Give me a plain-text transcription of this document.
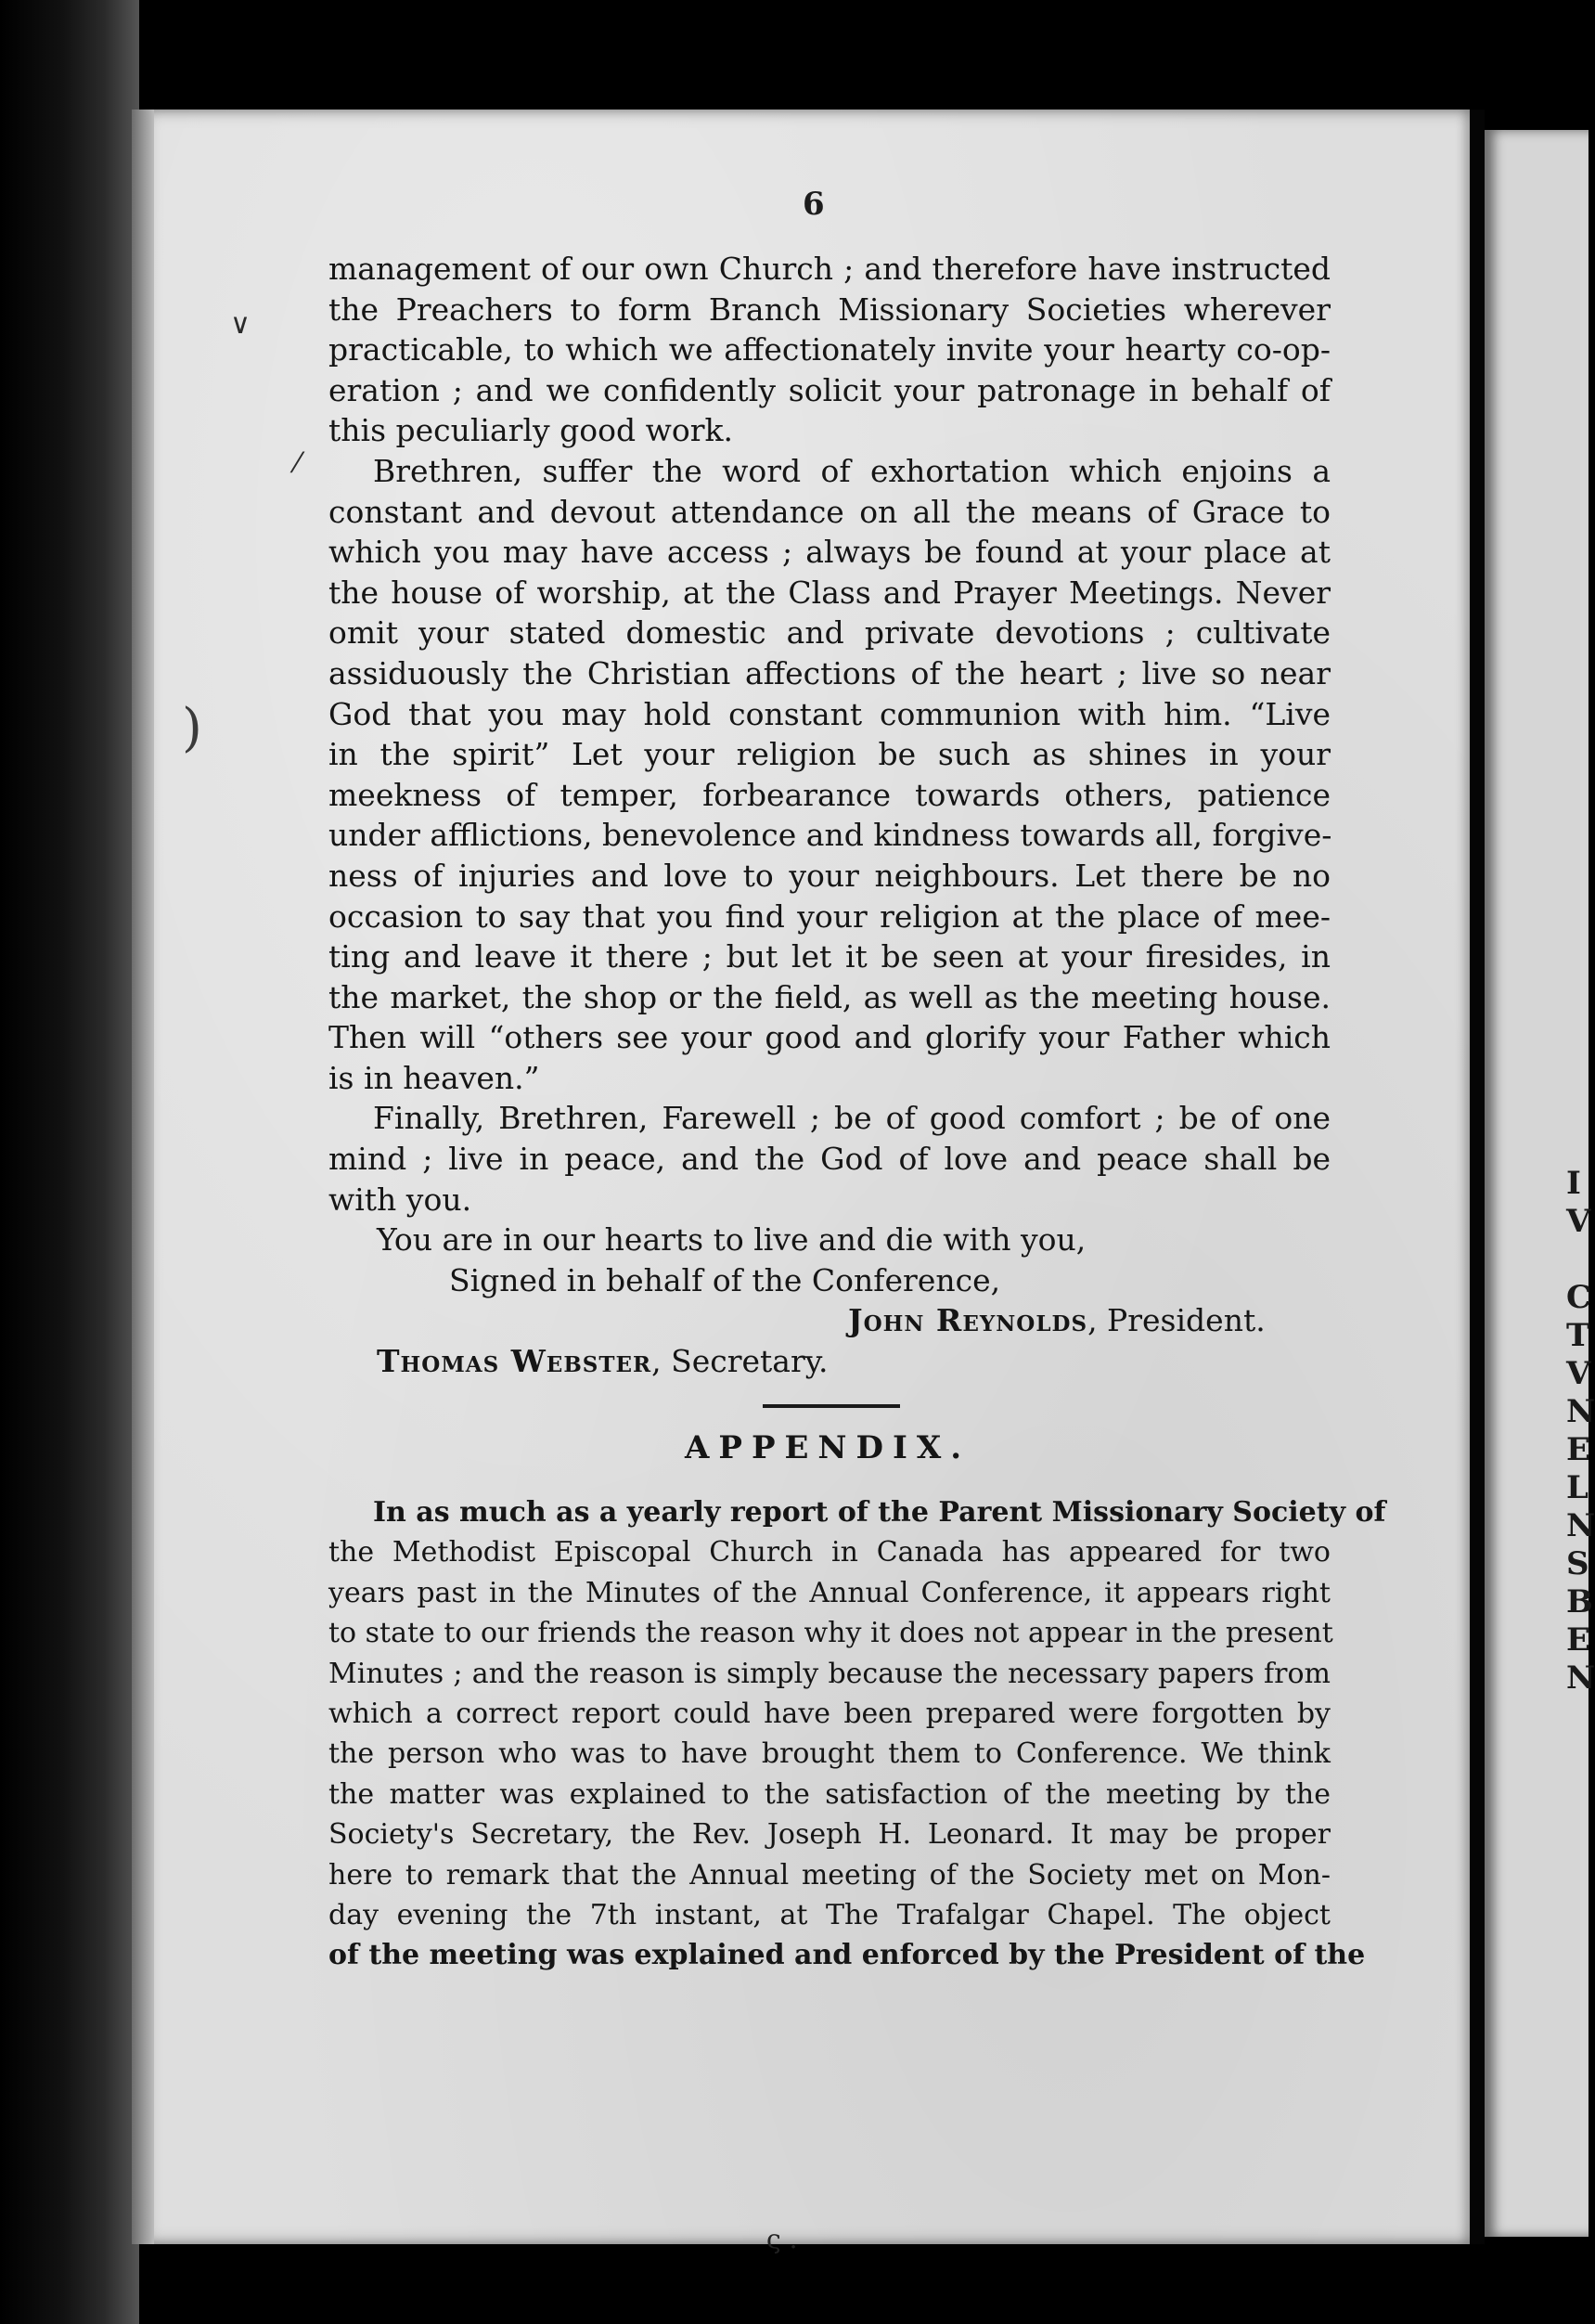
I
V

C
T
V
N
E
L
N
S
B
E
N
6
∨
⁄
)
management of our own Church ; and therefore have instructed
the Preachers to form Branch Missionary Societies wherever
practicable, to which we affectionately invite your hearty co-op-
eration ; and we confidently solicit your patronage in behalf of
this peculiarly good work.
Brethren, suffer the word of exhortation which enjoins a
constant and devout attendance on all the means of Grace to
which you may have access ; always be found at your place at
the house of worship, at the Class and Prayer Meetings. Never
omit your stated domestic and private devotions ; cultivate
assiduously the Christian affections of the heart ; live so near
God that you may hold constant communion with him. “Live
in the spirit” Let your religion be such as shines in your
meekness of temper, forbearance towards others, patience
under afflictions, benevolence and kindness towards all, forgive-
ness of injuries and love to your neighbours. Let there be no
occasion to say that you find your religion at the place of mee-
ting and leave it there ; but let it be seen at your firesides, in
the market, the shop or the field, as well as the meeting house.
Then will “others see your good and glorify your Father which
is in heaven.”
Finally, Brethren, Farewell ; be of good comfort ; be of one
mind ; live in peace, and the God of love and peace shall be
with you.
You are in our hearts to live and die with you,
Signed in behalf of the Conference,
John Reynolds, President.
Thomas Webster, Secretary.
APPENDIX.
In as much as a yearly report of the Parent Missionary Society of
the Methodist Episcopal Church in Canada has appeared for two
years past in the Minutes of the Annual Conference, it appears right
to state to our friends the reason why it does not appear in the present
Minutes ; and the reason is simply because the necessary papers from
which a correct report could have been prepared were forgotten by
the person who was to have brought them to Conference. We think
the matter was explained to the satisfaction of the meeting by the
Society's Secretary, the Rev. Joseph H. Leonard. It may be proper
here to remark that the Annual meeting of the Society met on Mon-
day evening the 7th instant, at The Trafalgar Chapel. The object
of the meeting was explained and enforced by the President of the
ς .
